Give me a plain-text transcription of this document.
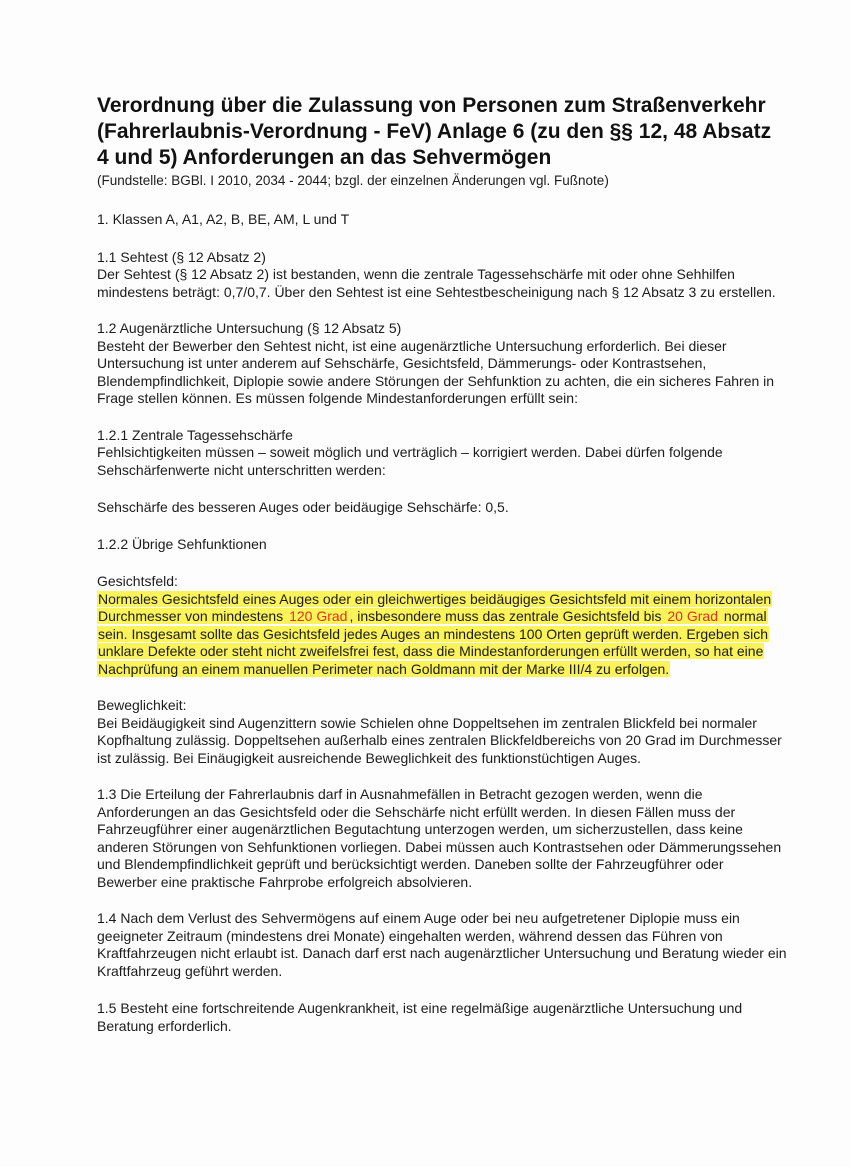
Verordnung über die Zulassung von Personen zum Straßenverkehr (Fahrerlaubnis-Verordnung - FeV) Anlage 6 (zu den §§ 12, 48 Absatz 4 und 5) Anforderungen an das Sehvermögen

(Fundstelle: BGBl. I 2010, 2034 - 2044; bzgl. der einzelnen Änderungen vgl. Fußnote)

1. Klassen A, A1, A2, B, BE, AM, L und T

1.1 Sehtest (§ 12 Absatz 2)

Der Sehtest (§ 12 Absatz 2) ist bestanden, wenn die zentrale Tagessehschärfe mit oder ohne Sehhilfen mindestens beträgt: 0,7/0,7. Über den Sehtest ist eine Sehtestbescheinigung nach § 12 Absatz 3 zu erstellen.

1.2 Augenärztliche Untersuchung (§ 12 Absatz 5)

Besteht der Bewerber den Sehtest nicht, ist eine augenärztliche Untersuchung erforderlich. Bei dieser Untersuchung ist unter anderem auf Sehschärfe, Gesichtsfeld, Dämmerungs- oder Kontrastsehen, Blendempfindlichkeit, Diplopie sowie andere Störungen der Sehfunktion zu achten, die ein sicheres Fahren in Frage stellen können. Es müssen folgende Mindestanforderungen erfüllt sein:

1.2.1 Zentrale Tagessehschärfe

Fehlsichtigkeiten müssen – soweit möglich und verträglich – korrigiert werden. Dabei dürfen folgende Sehschärfenwerte nicht unterschritten werden:

Sehschärfe des besseren Auges oder beidäugige Sehschärfe: 0,5.

1.2.2 Übrige Sehfunktionen

Gesichtsfeld:

Normales Gesichtsfeld eines Auges oder ein gleichwertiges beidäugiges Gesichtsfeld mit einem horizontalen Durchmesser von mindestens 120 Grad , insbesondere muss das zentrale Gesichtsfeld bis 20 Grad normal sein. Insgesamt sollte das Gesichtsfeld jedes Auges an mindestens 100 Orten geprüft werden. Ergeben sich unklare Defekte oder steht nicht zweifelsfrei fest, dass die Mindestanforderungen erfüllt werden, so hat eine Nachprüfung an einem manuellen Perimeter nach Goldmann mit der Marke III/4 zu erfolgen.

Beweglichkeit:

Bei Beidäugigkeit sind Augenzittern sowie Schielen ohne Doppeltsehen im zentralen Blickfeld bei normaler Kopfhaltung zulässig. Doppeltsehen außerhalb eines zentralen Blickfeldbereichs von 20 Grad im Durchmesser ist zulässig. Bei Einäugigkeit ausreichende Beweglichkeit des funktionstüchtigen Auges.

1.3 Die Erteilung der Fahrerlaubnis darf in Ausnahmefällen in Betracht gezogen werden, wenn die Anforderungen an das Gesichtsfeld oder die Sehschärfe nicht erfüllt werden. In diesen Fällen muss der Fahrzeugführer einer augenärztlichen Begutachtung unterzogen werden, um sicherzustellen, dass keine anderen Störungen von Sehfunktionen vorliegen. Dabei müssen auch Kontrastsehen oder Dämmerungssehen und Blendempfindlichkeit geprüft und berücksichtigt werden. Daneben sollte der Fahrzeugführer oder Bewerber eine praktische Fahrprobe erfolgreich absolvieren.

1.4 Nach dem Verlust des Sehvermögens auf einem Auge oder bei neu aufgetretener Diplopie muss ein geeigneter Zeitraum (mindestens drei Monate) eingehalten werden, während dessen das Führen von Kraftfahrzeugen nicht erlaubt ist. Danach darf erst nach augenärztlicher Untersuchung und Beratung wieder ein Kraftfahrzeug geführt werden.

1.5 Besteht eine fortschreitende Augenkrankheit, ist eine regelmäßige augenärztliche Untersuchung und Beratung erforderlich.
